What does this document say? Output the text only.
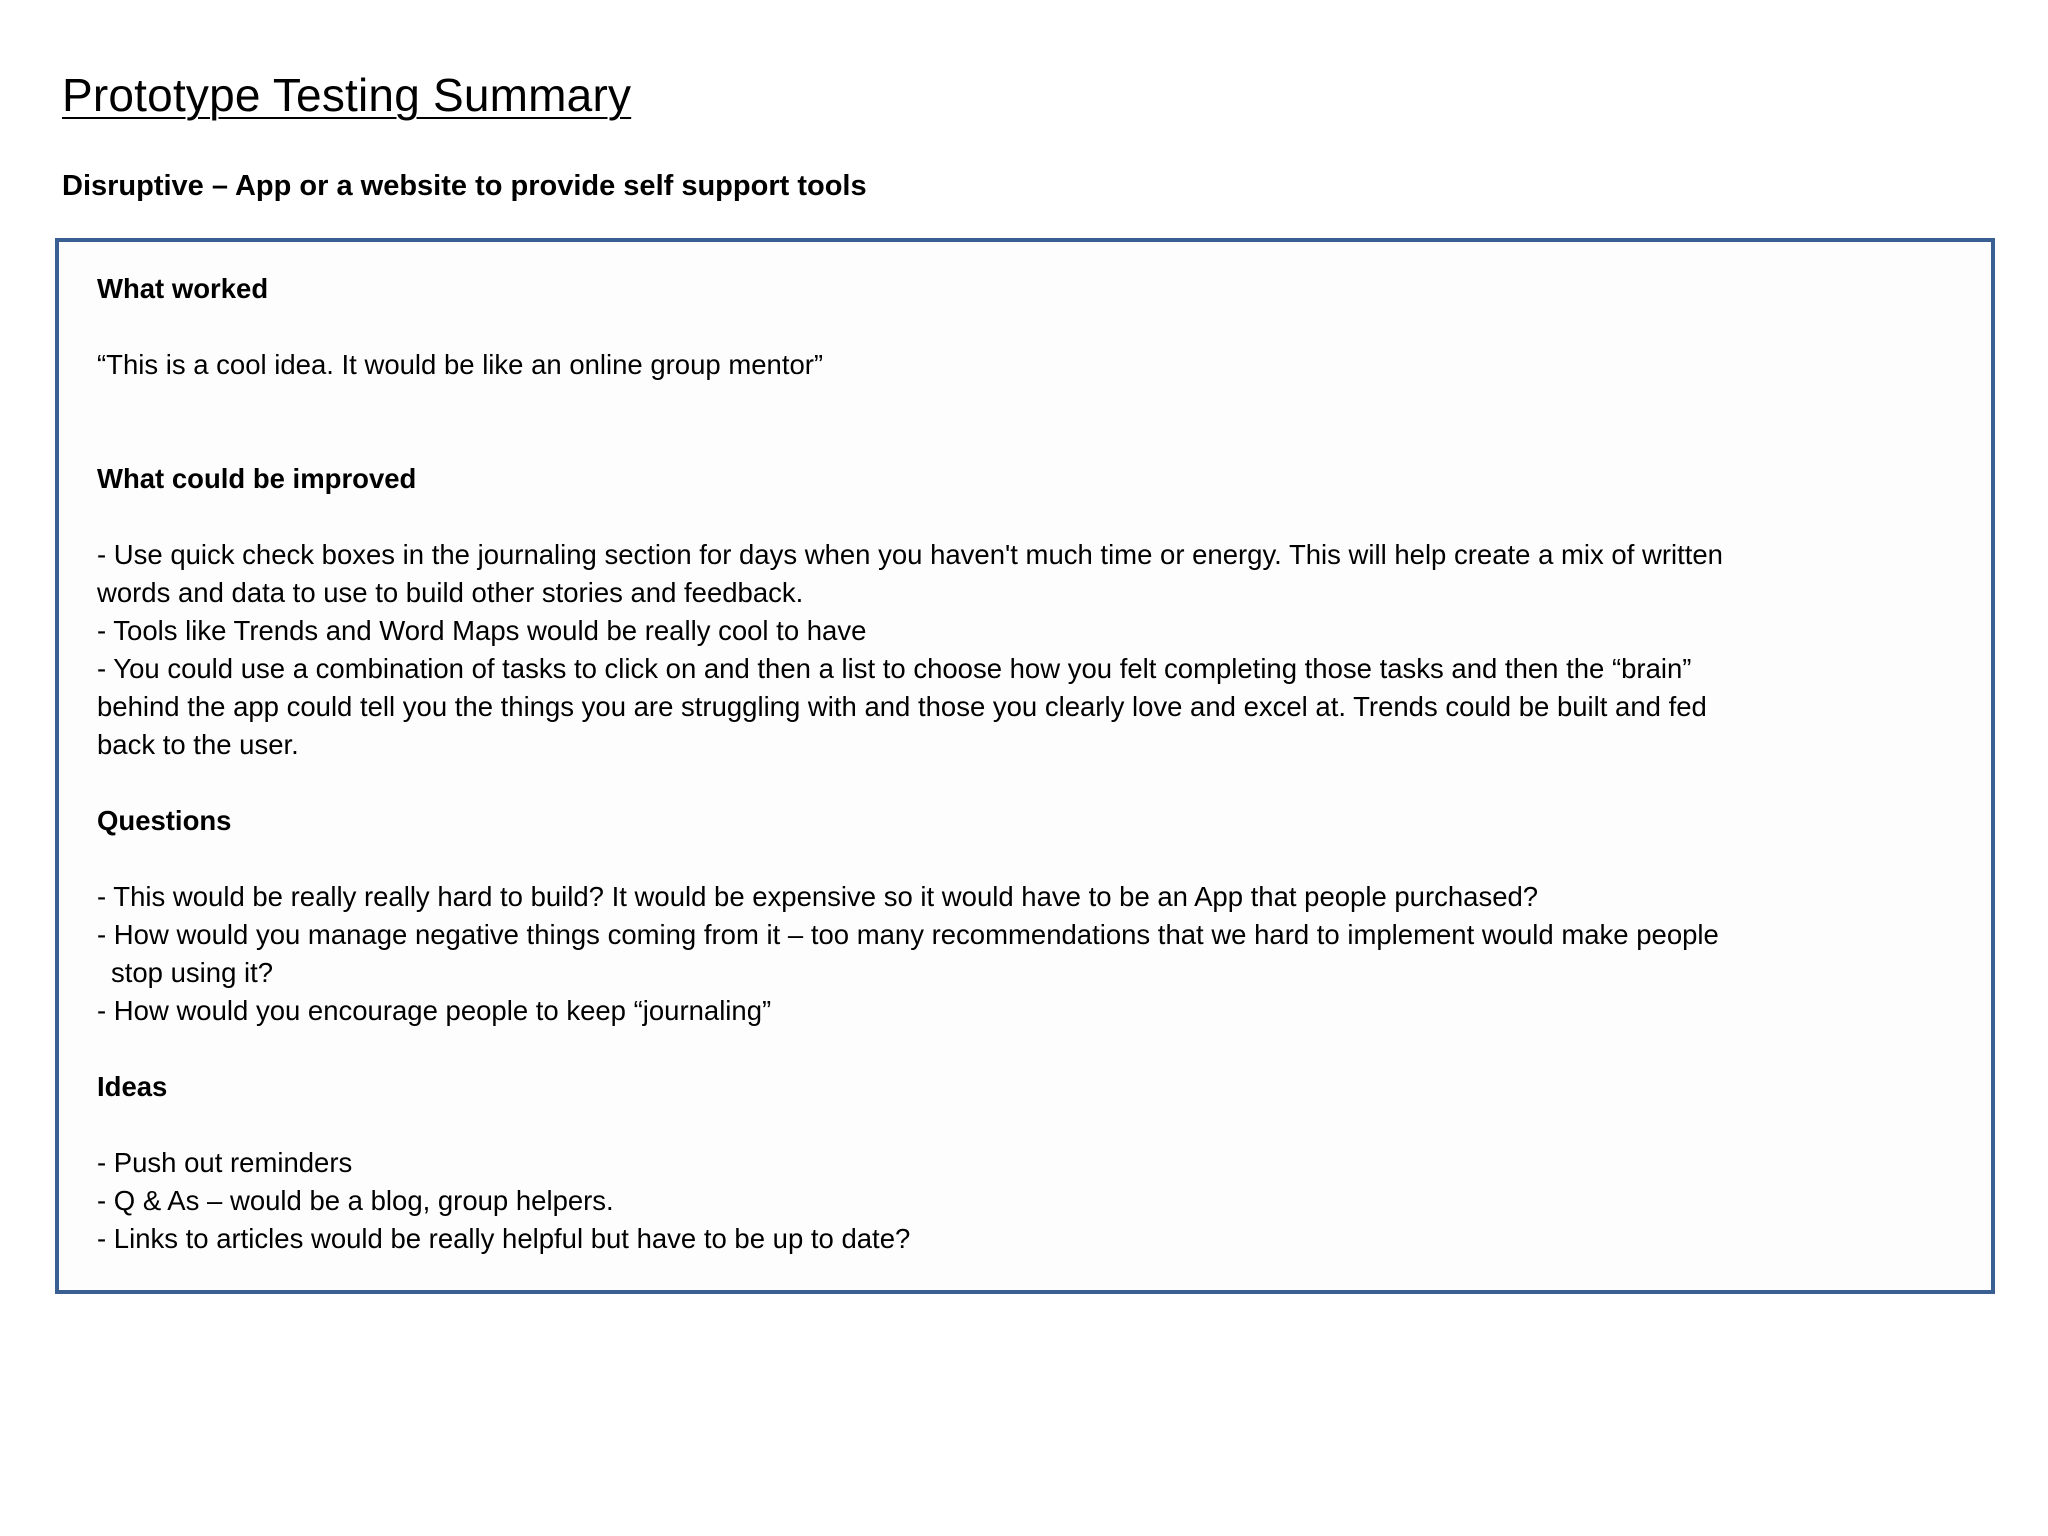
Prototype Testing Summary
Disruptive – App or a website to provide self support tools
What worked
“This is a cool idea. It would be like an online group mentor”
What could be improved
- Use quick check boxes in the journaling section for days when you haven't much time or energy. This will help create a mix of written
words and data to use to build other stories and feedback.
- Tools like Trends and Word Maps would be really cool to have
- You could use a combination of tasks to click on and then a list to choose how you felt completing those tasks and then the “brain”
behind the app could tell you the things you are struggling with and those you clearly love and excel at. Trends could be built and fed
back to the user.
Questions
- This would be really really hard to build? It would be expensive so it would have to be an App that people purchased?
- How would you manage negative things coming from it – too many recommendations that we hard to implement would make people
stop using it?
- How would you encourage people to keep “journaling”
Ideas
- Push out reminders
- Q & As – would be a blog, group helpers.
- Links to articles would be really helpful but have to be up to date?
